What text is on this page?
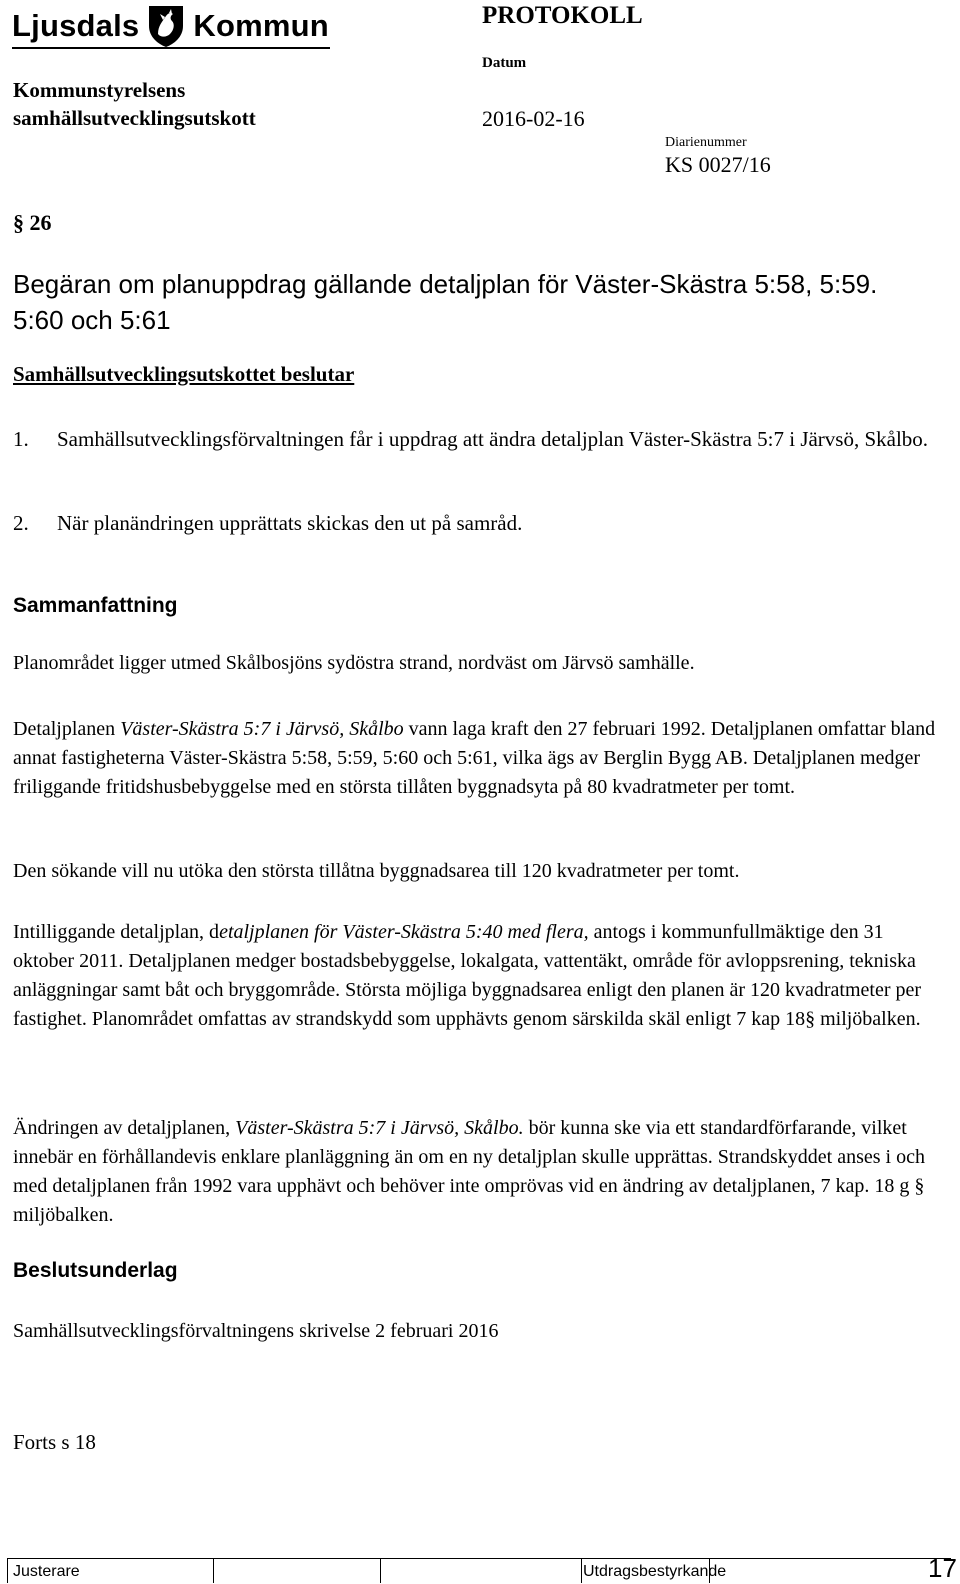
Ljusdals Kommun	PROTOKOLL
Datum
Kommunstyrelsens
samhällsutvecklingsutskott	2016-02-16
Diarienummer
KS 0027/16
§ 26
Begäran om planuppdrag gällande detaljplan för Väster-Skästra 5:58, 5:59. 5:60 och 5:61
Samhällsutvecklingsutskottet beslutar
1. Samhällsutvecklingsförvaltningen får i uppdrag att ändra detaljplan Väster-Skästra 5:7 i Järvsö, Skålbo.
2. När planändringen upprättats skickas den ut på samråd.
Sammanfattning
Planområdet ligger utmed Skålbosjöns sydöstra strand, nordväst om Järvsö samhälle.
Detaljplanen Väster-Skästra 5:7 i Järvsö, Skålbo vann laga kraft den 27 februari 1992. Detaljplanen omfattar bland annat fastigheterna Väster-Skästra 5:58, 5:59, 5:60 och 5:61, vilka ägs av Berglin Bygg AB. Detaljplanen medger friliggande fritidshusbebyggelse med en största tillåten byggnadsyta på 80 kvadratmeter per tomt.
Den sökande vill nu utöka den största tillåtna byggnadsarea till 120 kvadratmeter per tomt.
Intilliggande detaljplan, detaljplanen för Väster-Skästra 5:40 med flera, antogs i kommunfullmäktige den 31 oktober 2011. Detaljplanen medger bostadsbebyggelse, lokalgata, vattentäkt, område för avloppsrening, tekniska anläggningar samt båt och bryggområde. Största möjliga byggnadsarea enligt den planen är 120 kvadratmeter per fastighet. Planområdet omfattas av strandskydd som upphävts genom särskilda skäl enligt 7 kap 18§ miljöbalken.
Ändringen av detaljplanen, Väster-Skästra 5:7 i Järvsö, Skålbo. bör kunna ske via ett standardförfarande, vilket innebär en förhållandevis enklare planläggning än om en ny detaljplan skulle upprättas. Strandskyddet anses i och med detaljplanen från 1992 vara upphävt och behöver inte omprövas vid en ändring av detaljplanen, 7 kap. 18 g § miljöbalken.
Beslutsunderlag
Samhällsutvecklingsförvaltningens skrivelse 2 februari 2016
Forts s 18
Justerare	Utdragsbestyrkande	17
